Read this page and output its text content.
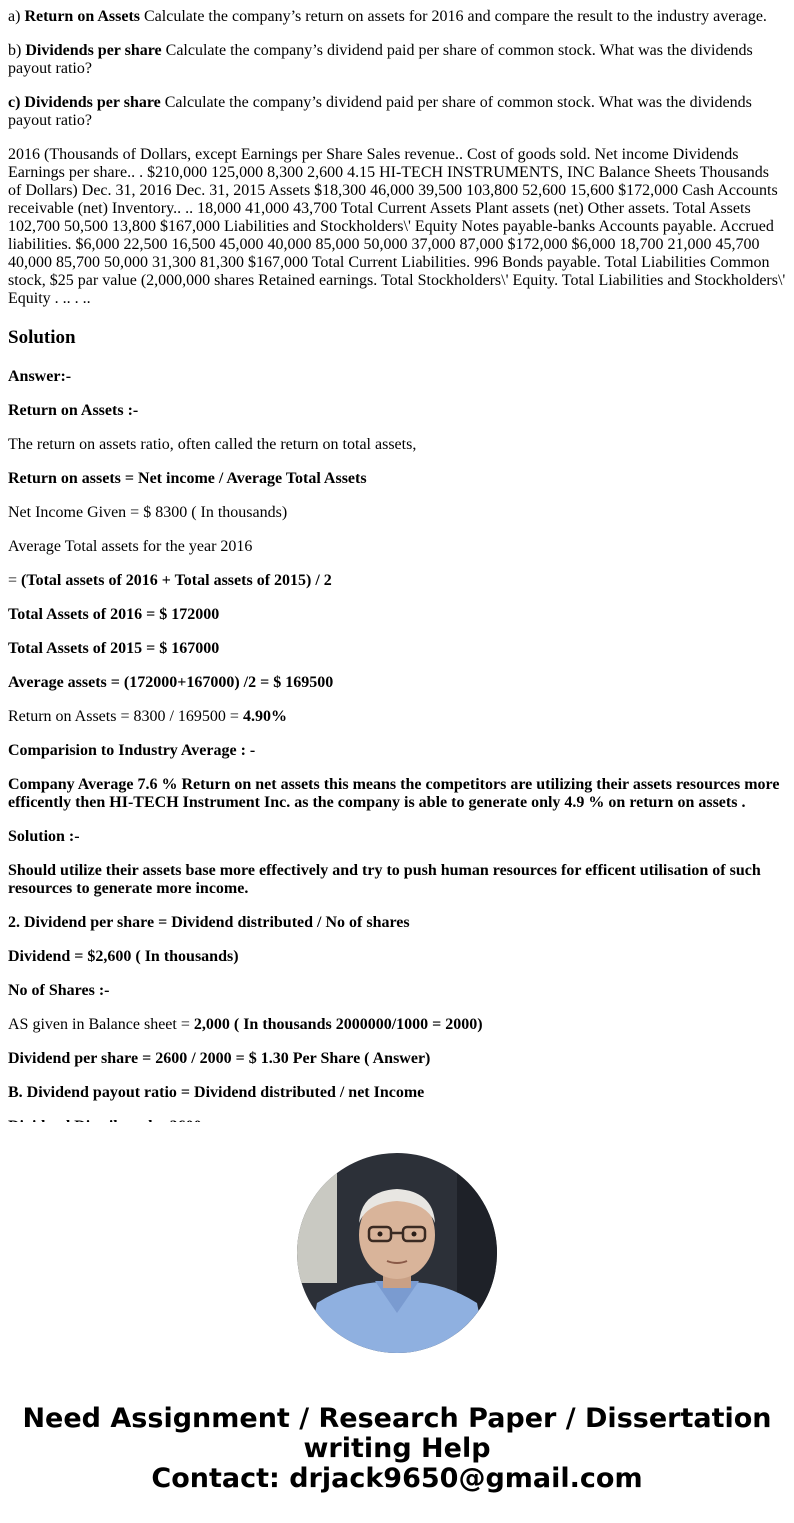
a) Return on Assets Calculate the company’s return on assets for 2016 and compare the result to the industry average.

b) Dividends per share Calculate the company’s dividend paid per share of common stock. What was the dividends payout ratio?

c) Dividends per share Calculate the company’s dividend paid per share of common stock. What was the dividends payout ratio?

2016 (Thousands of Dollars, except Earnings per Share Sales revenue.. Cost of goods sold. Net income Dividends Earnings per share.. . $210,000 125,000 8,300 2,600 4.15 HI-TECH INSTRUMENTS, INC Balance Sheets Thousands of Dollars) Dec. 31, 2016 Dec. 31, 2015 Assets $18,300 46,000 39,500 103,800 52,600 15,600 $172,000 Cash Accounts receivable (net) Inventory.. .. 18,000 41,000 43,700 Total Current Assets Plant assets (net) Other assets. Total Assets 102,700 50,500 13,800 $167,000 Liabilities and Stockholders\' Equity Notes payable-banks Accounts payable. Accrued liabilities. $6,000 22,500 16,500 45,000 40,000 85,000 50,000 37,000 87,000 $172,000 $6,000 18,700 21,000 45,700 40,000 85,700 50,000 31,300 81,300 $167,000 Total Current Liabilities. 996 Bonds payable. Total Liabilities Common stock, $25 par value (2,000,000 shares Retained earnings. Total Stockholders\' Equity. Total Liabilities and Stockholders\' Equity . .. . ..

Solution

Answer:-

Return on Assets :-

The return on assets ratio, often called the return on total assets,

Return on assets = Net income / Average Total Assets

Net Income Given = $ 8300 ( In thousands)

Average Total assets for the year 2016

= (Total assets of 2016 + Total assets of 2015) / 2

Total Assets of 2016 = $ 172000

Total Assets of 2015 = $ 167000

Average assets = (172000+167000) /2 = $ 169500

Return on Assets = 8300 / 169500 = 4.90%

Comparision to Industry Average : -

Company Average 7.6 % Return on net assets this means the competitors are utilizing their assets resources more efficently then HI-TECH Instrument Inc. as the company is able to generate only 4.9 % on return on assets .

Solution :-

Should utilize their assets base more effectively and try to push human resources for efficent utilisation of such resources to generate more income.

2. Dividend per share = Dividend distributed / No of shares

Dividend = $2,600 ( In thousands)

No of Shares :-

AS given in Balance sheet = 2,000 ( In thousands 2000000/1000 = 2000)

Dividend per share = 2600 / 2000 = $ 1.30 Per Share ( Answer)

B. Dividend payout ratio = Dividend distributed / net Income

Need Assignment / Research Paper / Dissertation
writing Help
Contact: drjack9650@gmail.com
